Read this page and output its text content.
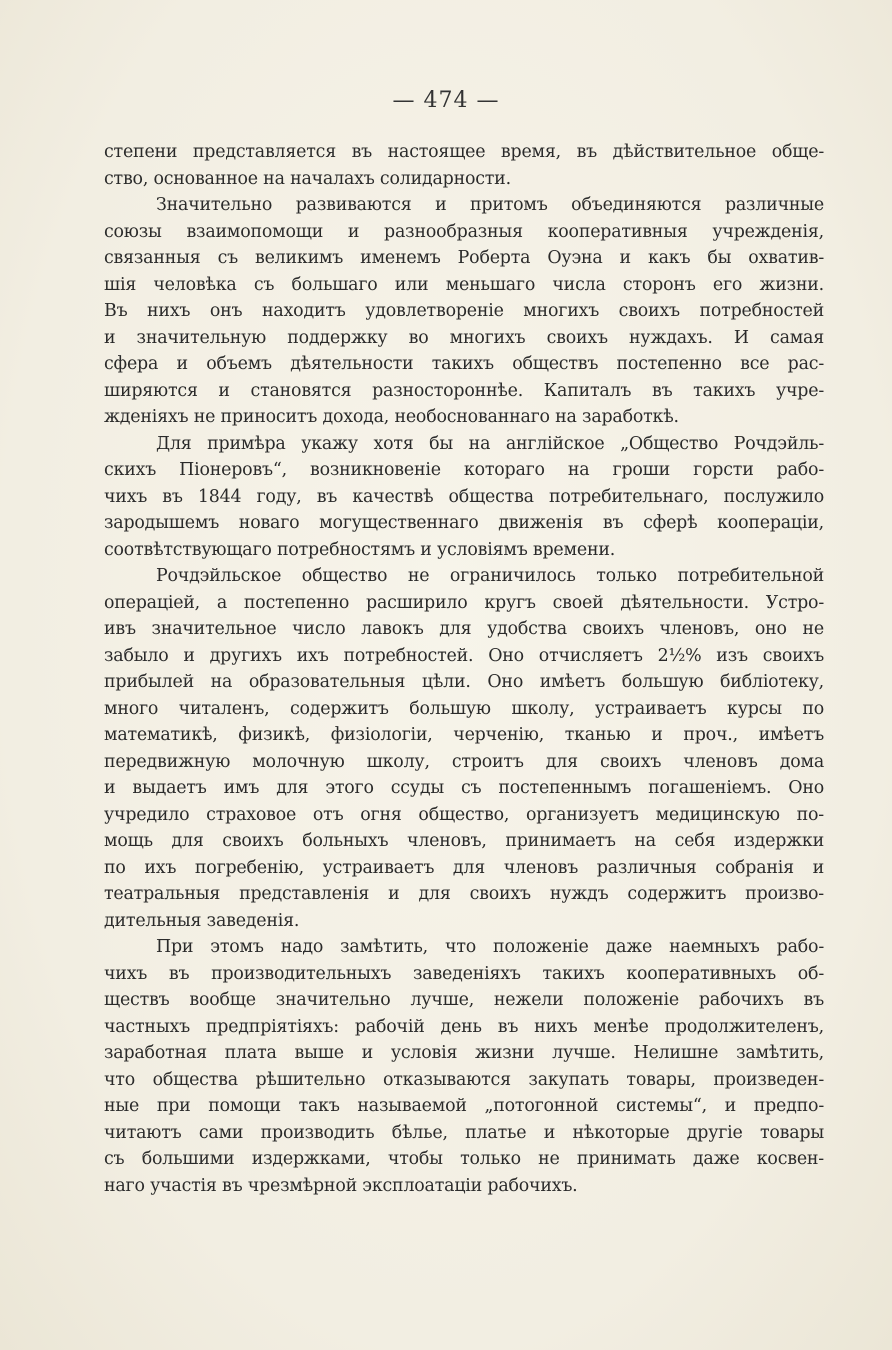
— 474 —
степени представляется въ настоящее время, въ дѣйствительное обще-
ство, основанное на началахъ солидарности.
Значительно развиваются и притомъ объединяются различные
союзы взаимопомощи и разнообразныя кооперативныя учрежденія,
связанныя съ великимъ именемъ Роберта Оуэна и какъ бы охватив-
шія человѣка съ большаго или меньшаго числа сторонъ его жизни.
Въ нихъ онъ находитъ удовлетвореніе многихъ своихъ потребностей
и значительную поддержку во многихъ своихъ нуждахъ. И самая
сфера и объемъ дѣятельности такихъ обществъ постепенно все рас-
ширяются и становятся разностороннѣе. Капиталъ въ такихъ учре-
жденіяхъ не приноситъ дохода, необоснованнаго на заработкѣ.
Для примѣра укажу хотя бы на англійское „Общество Рочдэйль-
скихъ Піонеровъ“, возникновеніе котораго на гроши горсти рабо-
чихъ въ 1844 году, въ качествѣ общества потребительнаго, послужило
зародышемъ новаго могущественнаго движенія въ сферѣ коопераціи,
соотвѣтствующаго потребностямъ и условіямъ времени.
Рочдэйльское общество не ограничилось только потребительной
операціей, а постепенно расширило кругъ своей дѣятельности. Устро-
ивъ значительное число лавокъ для удобства своихъ членовъ, оно не
забыло и другихъ ихъ потребностей. Оно отчисляетъ 2½% изъ своихъ
прибылей на образовательныя цѣли. Оно имѣетъ большую библіотеку,
много читаленъ, содержитъ большую школу, устраиваетъ курсы по
математикѣ, физикѣ, физіологіи, черченію, тканью и проч., имѣетъ
передвижную молочную школу, строитъ для своихъ членовъ дома
и выдаетъ имъ для этого ссуды съ постепеннымъ погашеніемъ. Оно
учредило страховое отъ огня общество, организуетъ медицинскую по-
мощь для своихъ больныхъ членовъ, принимаетъ на себя издержки
по ихъ погребенію, устраиваетъ для членовъ различныя собранія и
театральныя представленія и для своихъ нуждъ содержитъ произво-
дительныя заведенія.
При этомъ надо замѣтить, что положеніе даже наемныхъ рабо-
чихъ въ производительныхъ заведеніяхъ такихъ кооперативныхъ об-
ществъ вообще значительно лучше, нежели положеніе рабочихъ въ
частныхъ предпріятіяхъ: рабочій день въ нихъ менѣе продолжителенъ,
заработная плата выше и условія жизни лучше. Нелишне замѣтить,
что общества рѣшительно отказываются закупать товары, произведен-
ные при помощи такъ называемой „потогонной системы“, и предпо-
читаютъ сами производить бѣлье, платье и нѣкоторые другіе товары
съ большими издержками, чтобы только не принимать даже косвен-
наго участія въ чрезмѣрной эксплоатаціи рабочихъ.
